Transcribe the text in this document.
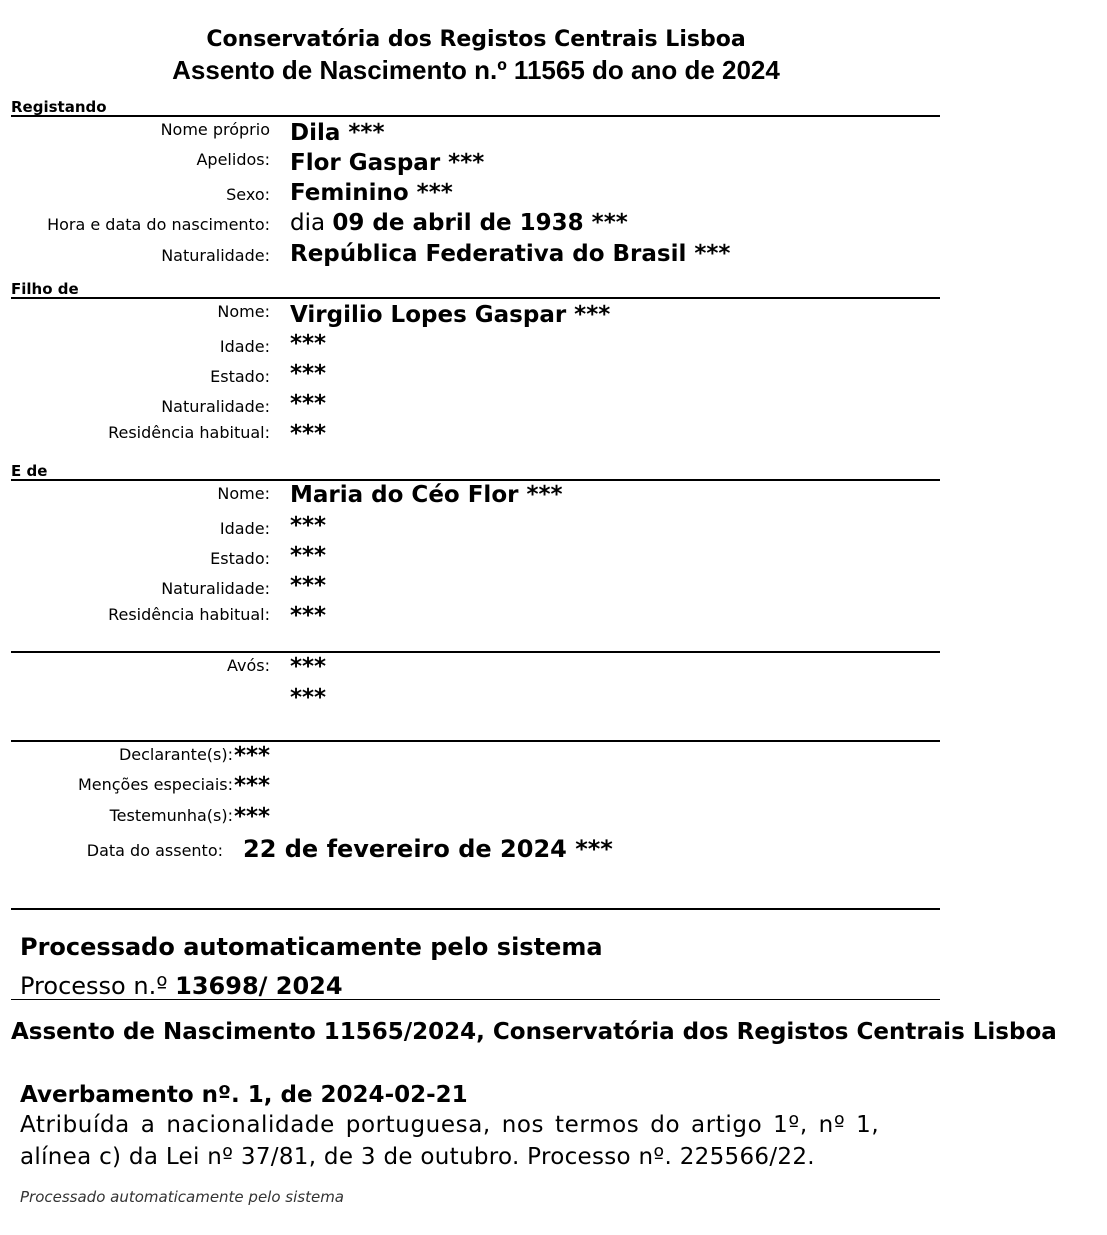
Conservatória dos Registos Centrais Lisboa
Assento de Nascimento n.º 11565 do ano de 2024
Registando
Nome próprio Dila ***
Apelidos: Flor Gaspar ***
Sexo: Feminino ***
Hora e data do nascimento: dia 09 de abril de 1938 ***
Naturalidade: República Federativa do Brasil ***
Filho de
Nome: Virgilio Lopes Gaspar ***
Idade: ***
Estado: ***
Naturalidade: ***
Residência habitual: ***
E de
Nome: Maria do Céo Flor ***
Idade: ***
Estado: ***
Naturalidade: ***
Residência habitual: ***
Avós: ***
***
Declarante(s): ***
Menções especiais: ***
Testemunha(s): ***
Data do assento: 22 de fevereiro de 2024 ***
Processado automaticamente pelo sistema
Processo n.º 13698/ 2024
Assento de Nascimento 11565/2024, Conservatória dos Registos Centrais Lisboa
Averbamento nº. 1, de 2024-02-21
Atribuída a nacionalidade portuguesa, nos termos do artigo 1º, nº 1,
alínea c) da Lei nº 37/81, de 3 de outubro. Processo nº. 225566/22.
Processado automaticamente pelo sistema
